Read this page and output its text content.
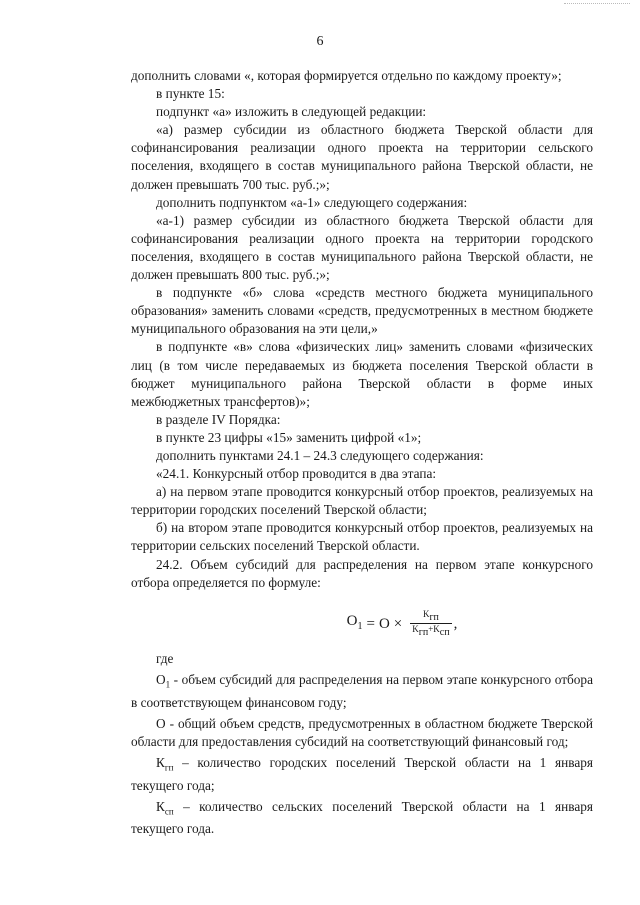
6

дополнить словами «, которая формируется отдельно по каждому проекту»;

в пункте 15:

подпункт «а» изложить в следующей редакции:

«а) размер субсидии из областного бюджета Тверской области для софинансирования реализации одного проекта на территории сельского поселения, входящего в состав муниципального района Тверской области, не должен превышать 700 тыс. руб.;»;

дополнить подпунктом «а-1» следующего содержания:

«а-1) размер субсидии из областного бюджета Тверской области для софинансирования реализации одного проекта на территории городского поселения, входящего в состав муниципального района Тверской области, не должен превышать 800 тыс. руб.;»;

в подпункте «б» слова «средств местного бюджета муниципального образования» заменить словами «средств, предусмотренных в местном бюджете муниципального образования на эти цели,»

в подпункте «в» слова «физических лиц» заменить словами «физических лиц (в том числе передаваемых из бюджета поселения Тверской области в бюджет муниципального района Тверской области в форме иных межбюджетных трансфертов)»;

в разделе IV Порядка:

в пункте 23 цифры «15» заменить цифрой «1»;

дополнить пунктами 24.1 – 24.3 следующего содержания:

«24.1. Конкурсный отбор проводится в два этапа:

а) на первом этапе проводится конкурсный отбор проектов, реализуемых на территории городских поселений Тверской области;

б) на втором этапе проводится конкурсный отбор проектов, реализуемых на территории сельских поселений Тверской области.

24.2. Объем субсидий для распределения на первом этапе конкурсного отбора определяется по формуле:

$O_1 = O \times \frac{K_{гп}}{K_{гп}+K_{сп}}$ ,

где

$O_1$ - объем субсидий для распределения на первом этапе конкурсного отбора в соответствующем финансовом году;

О - общий объем средств, предусмотренных в областном бюджете Тверской области для предоставления субсидий на соответствующий финансовый год;

$К_{гп}$ – количество городских поселений Тверской области на 1 января текущего года;

$К_{сп}$ – количество сельских поселений Тверской области на 1 января текущего года.
